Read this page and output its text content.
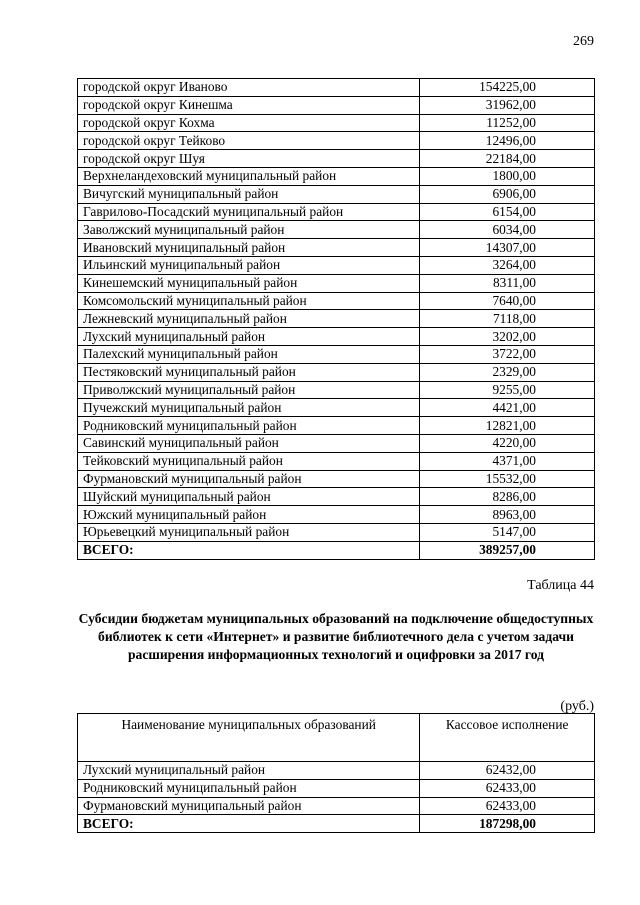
269
городской округ Иваново	154225,00
городской округ Кинешма	31962,00
городской округ Кохма	11252,00
городской округ Тейково	12496,00
городской округ Шуя	22184,00
Верхнеландеховский муниципальный район	1800,00
Вичугский муниципальный район	6906,00
Гаврилово-Посадский муниципальный район	6154,00
Заволжский муниципальный район	6034,00
Ивановский муниципальный район	14307,00
Ильинский муниципальный район	3264,00
Кинешемский муниципальный район	8311,00
Комсомольский муниципальный район	7640,00
Лежневский муниципальный район	7118,00
Лухский муниципальный район	3202,00
Палехский муниципальный район	3722,00
Пестяковский муниципальный район	2329,00
Приволжский муниципальный район	9255,00
Пучежский муниципальный район	4421,00
Родниковский муниципальный район	12821,00
Савинский муниципальный район	4220,00
Тейковский муниципальный район	4371,00
Фурмановский муниципальный район	15532,00
Шуйский муниципальный район	8286,00
Южский муниципальный район	8963,00
Юрьевецкий муниципальный район	5147,00
ВСЕГО:	389257,00
Таблица 44
Субсидии бюджетам муниципальных образований на подключение общедоступных библиотек к сети «Интернет» и развитие библиотечного дела с учетом задачи расширения информационных технологий и оцифровки за 2017 год
(руб.)
Наименование муниципальных образований	Кассовое исполнение
Лухский муниципальный район	62432,00
Родниковский муниципальный район	62433,00
Фурмановский муниципальный район	62433,00
ВСЕГО:	187298,00
